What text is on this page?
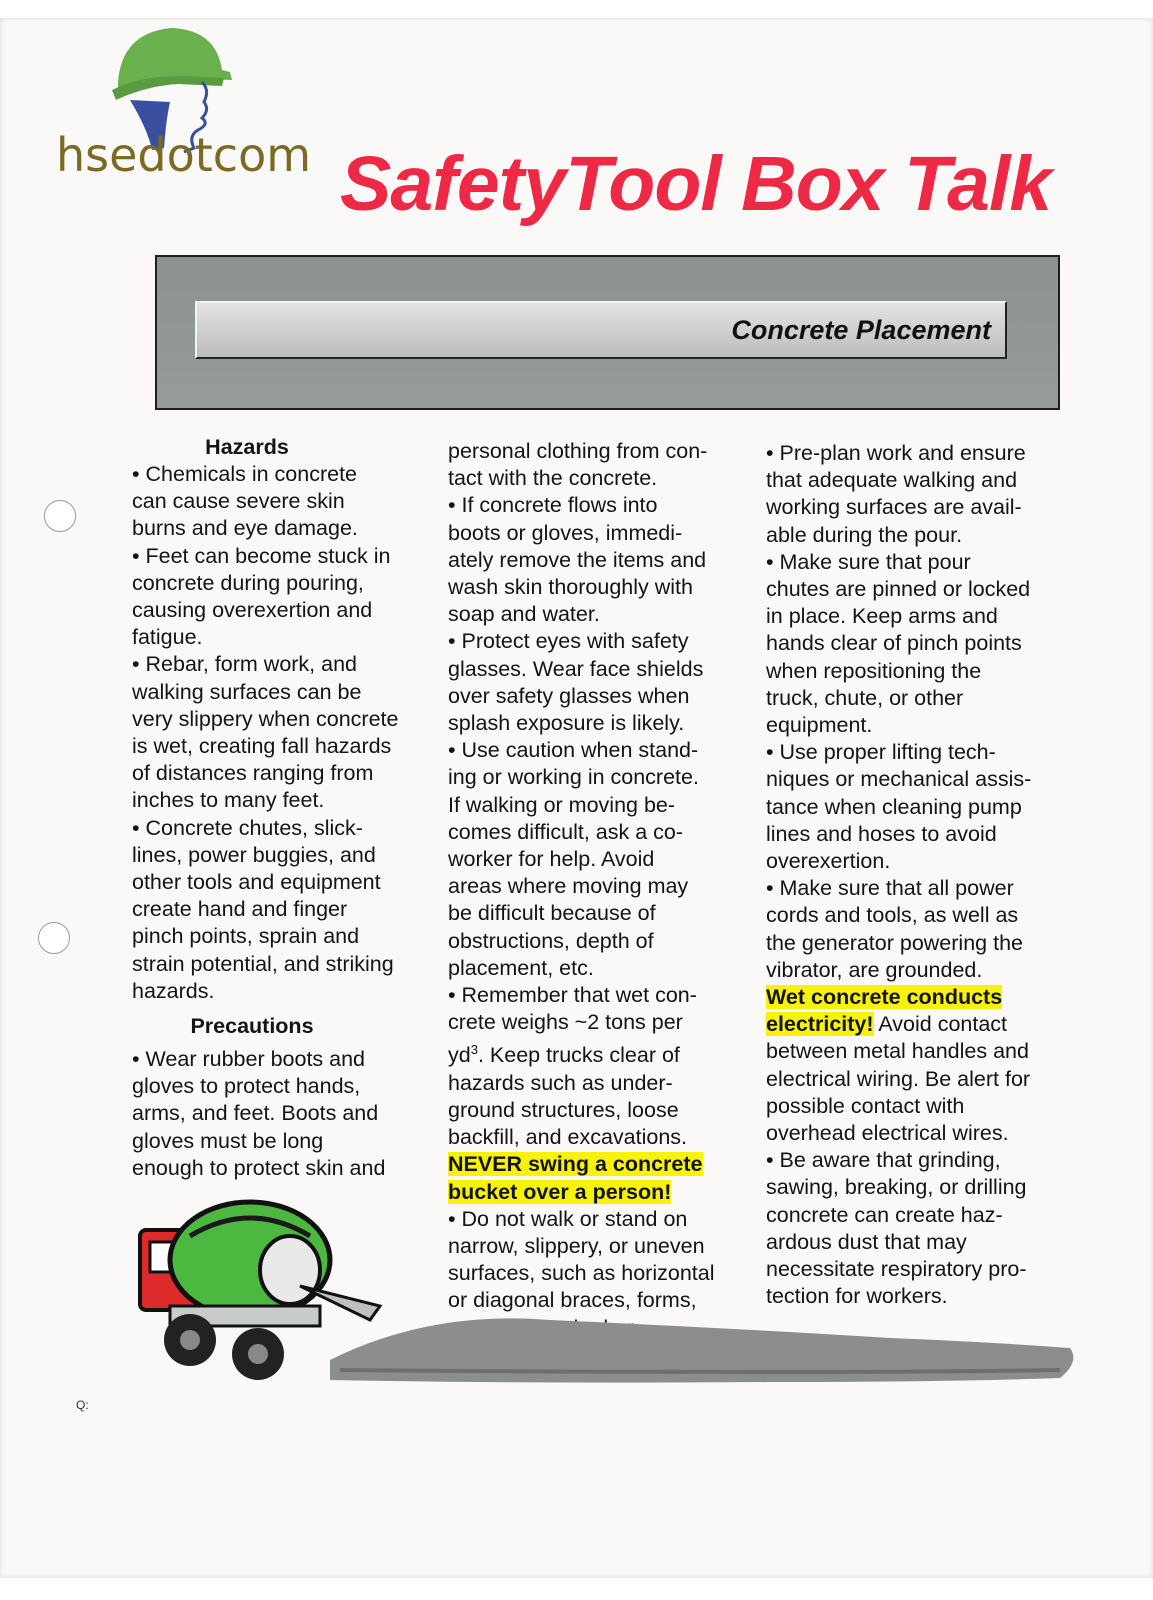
hsedotcom SafetyTool Box Talk
Concrete Placement
Hazards

• Chemicals in concrete

can cause severe skin

burns and eye damage.

• Feet can become stuck in

concrete during pouring,

causing overexertion and

fatigue.

• Rebar, form work, and

walking surfaces can be

very slippery when concrete

is wet, creating fall hazards

of distances ranging from

inches to many feet.

• Concrete chutes, slick-

lines, power buggies, and

other tools and equipment

create hand and finger

pinch points, sprain and

strain potential, and striking

hazards.

Precautions

• Wear rubber boots and

gloves to protect hands,

arms, and feet. Boots and

gloves must be long

enough to protect skin and

personal clothing from con-

tact with the concrete.

• If concrete flows into

boots or gloves, immedi-

ately remove the items and

wash skin thoroughly with

soap and water.

• Protect eyes with safety

glasses. Wear face shields

over safety glasses when

splash exposure is likely.

• Use caution when stand-

ing or working in concrete.

If walking or moving be-

comes difficult, ask a co-

worker for help. Avoid

areas where moving may

be difficult because of

obstructions, depth of

placement, etc.

• Remember that wet con-

crete weighs ~2 tons per

$yd^3$. Keep trucks clear of

hazards such as under-

ground structures, loose

backfill, and excavations.

NEVER swing a concrete

bucket over a person!

• Do not walk or stand on

narrow, slippery, or uneven

surfaces, such as horizontal

or diagonal braces, forms,

• Pre-plan work and ensure

that adequate walking and

working surfaces are avail-

able during the pour.

• Make sure that pour

chutes are pinned or locked

in place. Keep arms and

hands clear of pinch points

when repositioning the

truck, chute, or other

equipment.

• Use proper lifting tech-

niques or mechanical assis-

tance when cleaning pump

lines and hoses to avoid

overexertion.

• Make sure that all power

cords and tools, as well as

the generator powering the

vibrator, are grounded.

Wet concrete conducts

electricity! Avoid contact

between metal handles and

electrical wiring. Be alert for

possible contact with

overhead electrical wires.

• Be aware that grinding,

sawing, breaking, or drilling

concrete can create haz-

ardous dust that may

necessitate respiratory pro-

tection for workers.

Q:
